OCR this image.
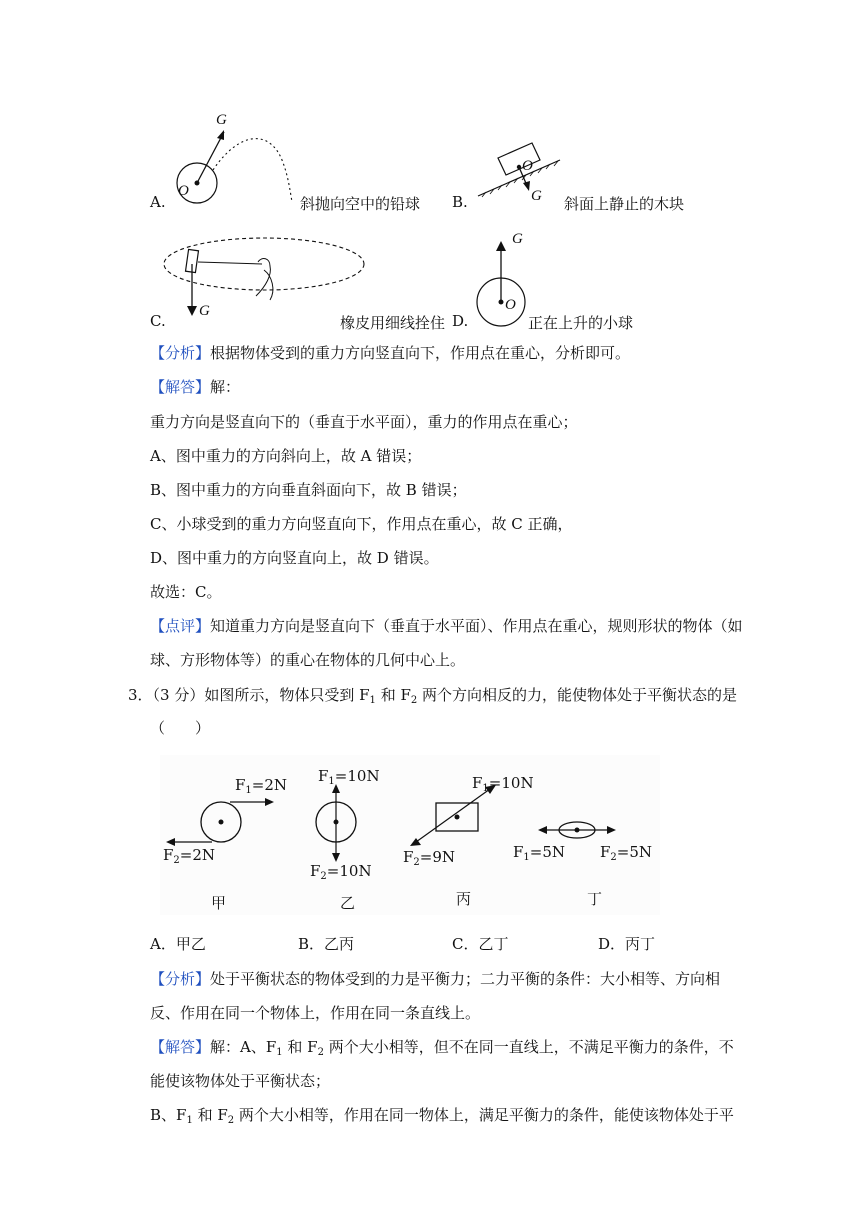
A.
G
O
斜抛向空中的铅球 B.
O
G 斜面上静止的木块
C.
G
橡皮用细线拴住 D.
G
O
正在上升的小球
【分析】根据物体受到的重力方向竖直向下，作用点在重心，分析即可。
【解答】解：
重力方向是竖直向下的（垂直于水平面），重力的作用点在重心；
A、图中重力的方向斜向上，故 A 错误；
B、图中重力的方向垂直斜面向下，故 B 错误；
C、小球受到的重力方向竖直向下，作用点在重心，故 C 正确，
D、图中重力的方向竖直向上，故 D 错误。
故选：C。
【点评】知道重力方向是竖直向下（垂直于水平面）、作用点在重心，规则形状的物体（如
球、方形物体等）的重心在物体的几何中心上。
3．（3 分）如图所示，物体只受到 $F_1$ 和 $F_2$ 两个方向相反的力，能使物体处于平衡状态的是
（　　）
$F_1=2N$
$F_2=2N$
甲
$F_1=10N$
$F_2=10N$
乙
$F_1=10N$
$F_2=9N$
丙
$F_1=5N$ $F_2=5N$
丁
A．甲乙	B．乙丙	C．乙丁	D．丙丁
【分析】处于平衡状态的物体受到的力是平衡力；二力平衡的条件：大小相等、方向相
反、作用在同一个物体上，作用在同一条直线上。
【解答】解：A、$F_1$ 和 $F_2$ 两个大小相等，但不在同一直线上，不满足平衡力的条件，不
能使该物体处于平衡状态；
B、$F_1$ 和 $F_2$ 两个大小相等，作用在同一物体上，满足平衡力的条件，能使该物体处于平
